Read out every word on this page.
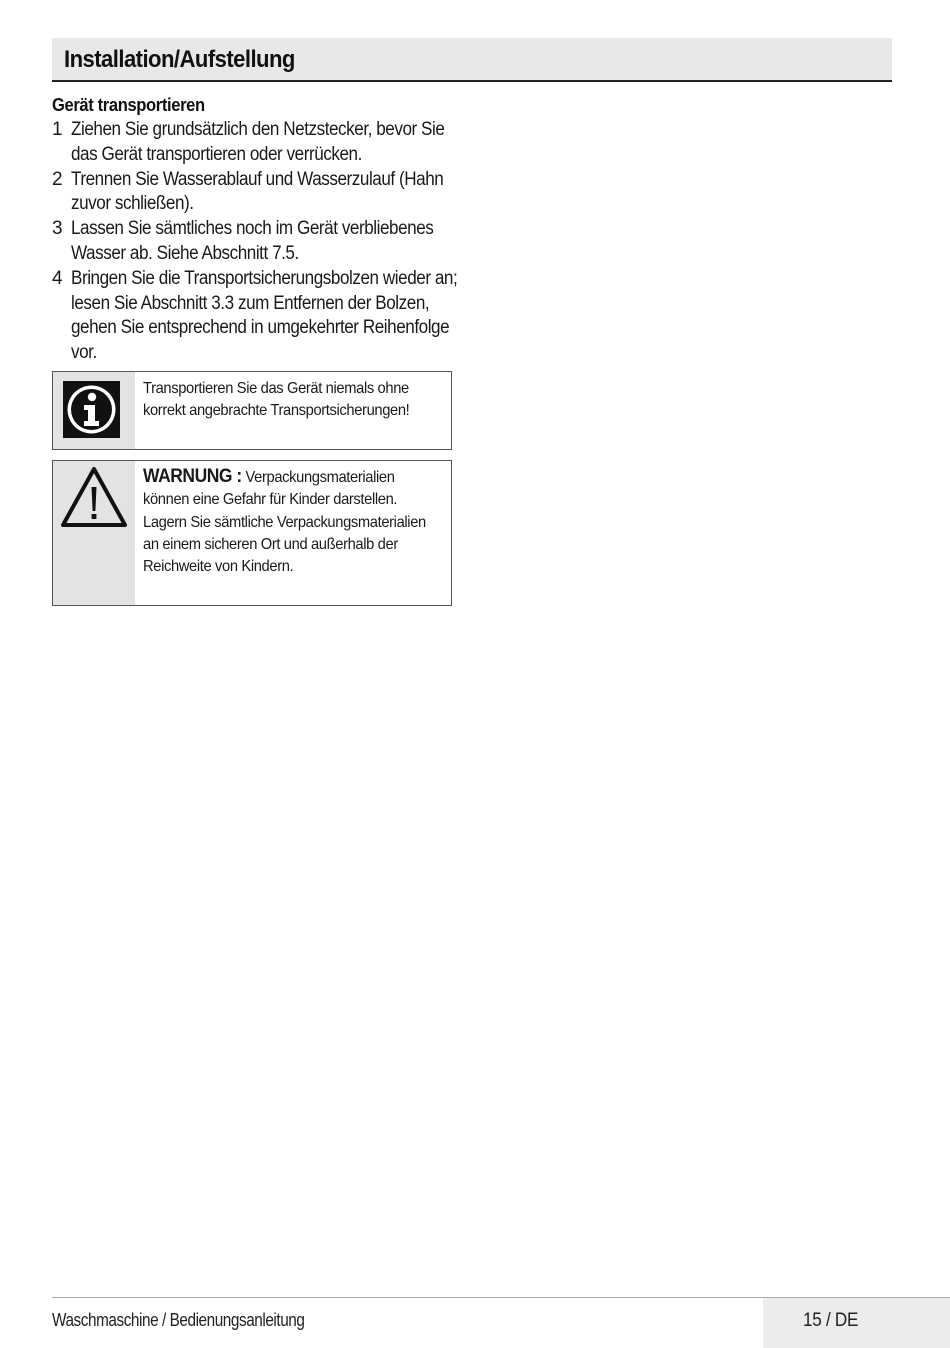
Installation/Aufstellung
Gerät transportieren
1 Ziehen Sie grundsätzlich den Netzstecker, bevor Sie das Gerät transportieren oder verrücken.
2 Trennen Sie Wasserablauf und Wasserzulauf (Hahn zuvor schließen).
3 Lassen Sie sämtliches noch im Gerät verbliebenes Wasser ab. Siehe Abschnitt 7.5.
4 Bringen Sie die Transportsicherungsbolzen wieder an; lesen Sie Abschnitt 3.3 zum Entfernen der Bolzen, gehen Sie entsprechend in umgekehrter Reihenfolge vor.
Transportieren Sie das Gerät niemals ohne korrekt angebrachte Transportsicherungen!
WARNUNG : Verpackungsmaterialien können eine Gefahr für Kinder darstellen. Lagern Sie sämtliche Verpackungsmaterialien an einem sicheren Ort und außerhalb der Reichweite von Kindern.
Waschmaschine / Bedienungsanleitung	15 / DE
